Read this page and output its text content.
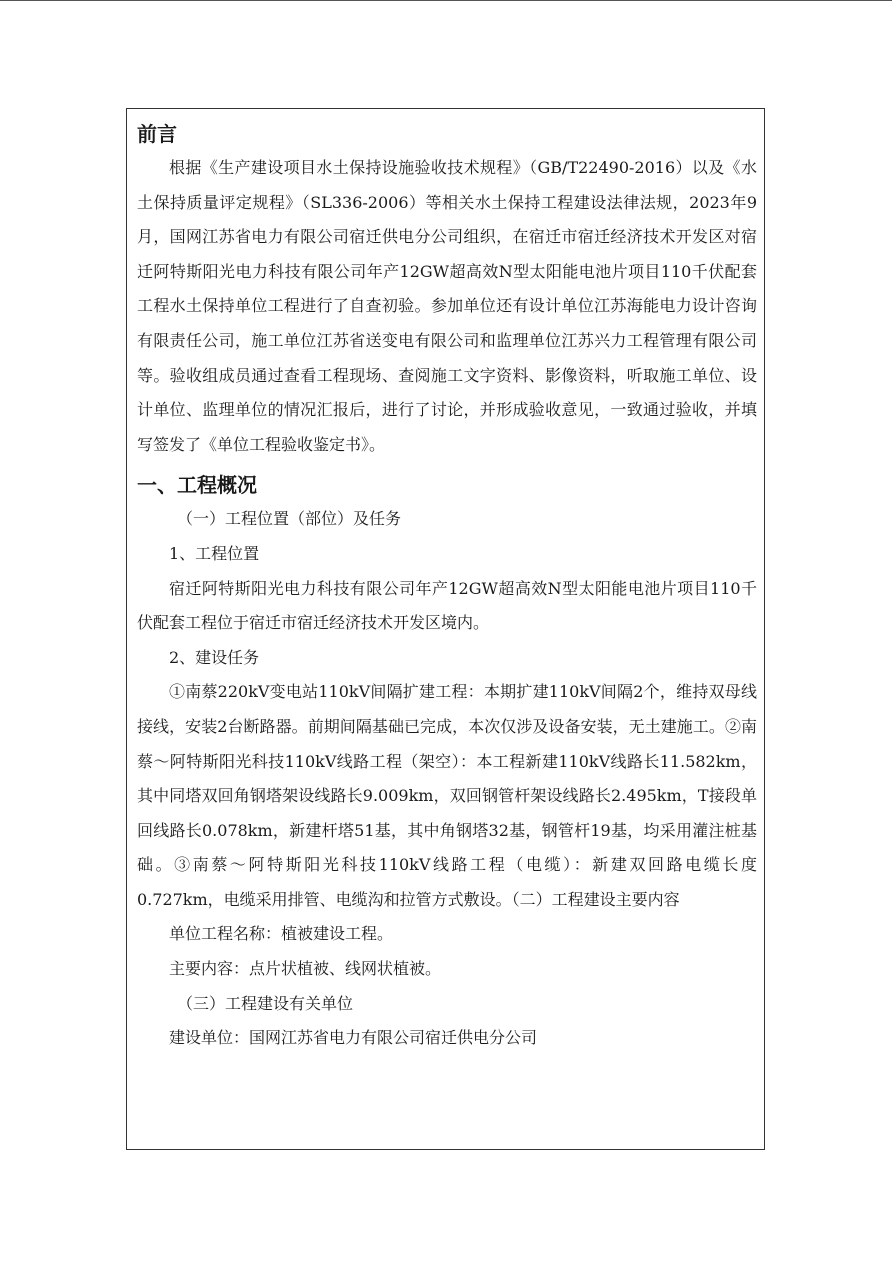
前言

根据《生产建设项目水土保持设施验收技术规程》（GB/T22490-2016）以及《水土保持质量评定规程》（SL336-2006）等相关水土保持工程建设法律法规，2023年9月，国网江苏省电力有限公司宿迁供电分公司组织，在宿迁市宿迁经济技术开发区对宿迁阿特斯阳光电力科技有限公司年产12GW超高效N型太阳能电池片项目110千伏配套工程水土保持单位工程进行了自查初验。参加单位还有设计单位江苏海能电力设计咨询有限责任公司，施工单位江苏省送变电有限公司和监理单位江苏兴力工程管理有限公司等。验收组成员通过查看工程现场、查阅施工文字资料、影像资料，听取施工单位、设计单位、监理单位的情况汇报后，进行了讨论，并形成验收意见，一致通过验收，并填写签发了《单位工程验收鉴定书》。

一、工程概况

（一）工程位置（部位）及任务

1、工程位置

宿迁阿特斯阳光电力科技有限公司年产12GW超高效N型太阳能电池片项目110千伏配套工程位于宿迁市宿迁经济技术开发区境内。

2、建设任务

①南蔡220kV变电站110kV间隔扩建工程：本期扩建110kV间隔2个，维持双母线接线，安装2台断路器。前期间隔基础已完成，本次仅涉及设备安装，无土建施工。②南蔡～阿特斯阳光科技110kV线路工程（架空）：本工程新建110kV线路长11.582km，其中同塔双回角钢塔架设线路长9.009km，双回钢管杆架设线路长2.495km，T接段单回线路长0.078km，新建杆塔51基，其中角钢塔32基，钢管杆19基，均采用灌注桩基础。③南蔡～阿特斯阳光科技110kV线路工程（电缆）：新建双回路电缆长度0.727km，电缆采用排管、电缆沟和拉管方式敷设。（二）工程建设主要内容

单位工程名称：植被建设工程。

主要内容：点片状植被、线网状植被。

（三）工程建设有关单位

建设单位：国网江苏省电力有限公司宿迁供电分公司
